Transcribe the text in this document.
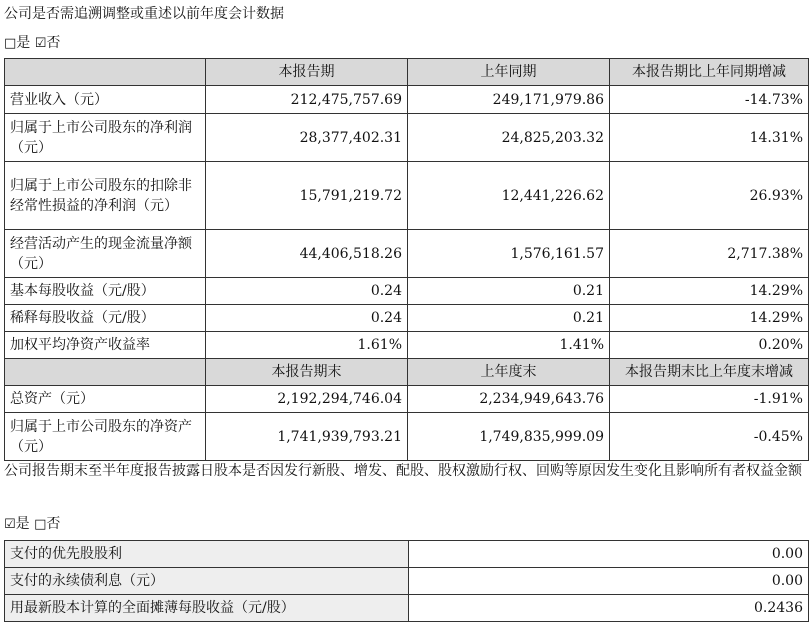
公司是否需追溯调整或重述以前年度会计数据
□是 ☑否
	本报告期	上年同期	本报告期比上年同期增减
营业收入（元）	212,475,757.69	249,171,979.86	-14.73%
归属于上市公司股东的净利润（元）	28,377,402.31	24,825,203.32	14.31%
归属于上市公司股东的扣除非经常性损益的净利润（元）	15,791,219.72	12,441,226.62	26.93%
经营活动产生的现金流量净额（元）	44,406,518.26	1,576,161.57	2,717.38%
基本每股收益（元/股）	0.24	0.21	14.29%
稀释每股收益（元/股）	0.24	0.21	14.29%
加权平均净资产收益率	1.61%	1.41%	0.20%
	本报告期末	上年度末	本报告期末比上年度末增减
总资产（元）	2,192,294,746.04	2,234,949,643.76	-1.91%
归属于上市公司股东的净资产（元）	1,741,939,793.21	1,749,835,999.09	-0.45%
公司报告期末至半年度报告披露日股本是否因发行新股、增发、配股、股权激励行权、回购等原因发生变化且影响所有者权益金额
☑是 □否
支付的优先股股利	0.00
支付的永续债利息（元）	0.00
用最新股本计算的全面摊薄每股收益（元/股）	0.2436
